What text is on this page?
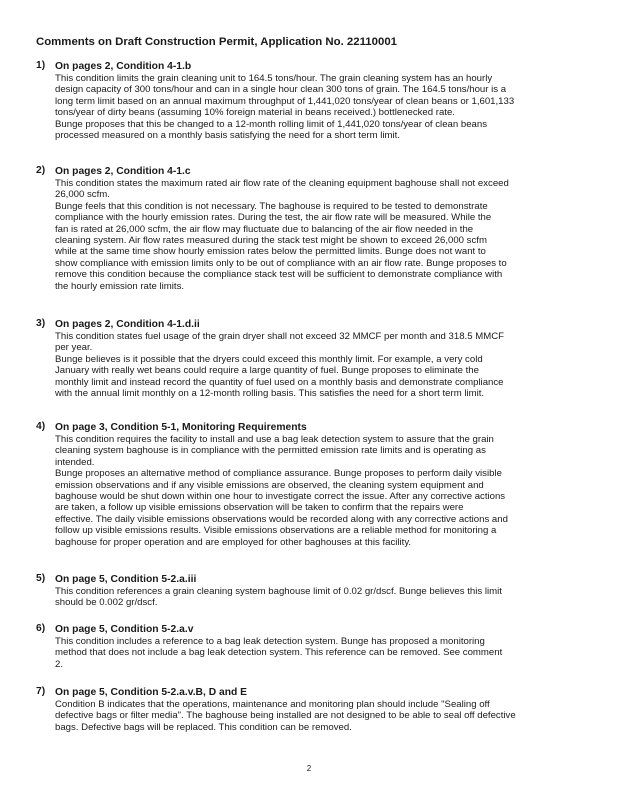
Comments on Draft Construction Permit, Application No. 22110001
1) On pages 2, Condition 4-1.b
This condition limits the grain cleaning unit to 164.5 tons/hour. The grain cleaning system has an hourly
design capacity of 300 tons/hour and can in a single hour clean 300 tons of grain. The 164.5 tons/hour is a
long term limit based on an annual maximum throughput of 1,441,020 tons/year of clean beans or 1,601,133
tons/year of dirty beans (assuming 10% foreign material in beans received.) bottlenecked rate.
Bunge proposes that this be changed to a 12-month rolling limit of 1,441,020 tons/year of clean beans
processed measured on a monthly basis satisfying the need for a short term limit.
2) On pages 2, Condition 4-1.c
This condition states the maximum rated air flow rate of the cleaning equipment baghouse shall not exceed
26,000 scfm.
Bunge feels that this condition is not necessary. The baghouse is required to be tested to demonstrate
compliance with the hourly emission rates. During the test, the air flow rate will be measured. While the
fan is rated at 26,000 scfm, the air flow may fluctuate due to balancing of the air flow needed in the
cleaning system. Air flow rates measured during the stack test might be shown to exceed 26,000 scfm
while at the same time show hourly emission rates below the permitted limits. Bunge does not want to
show compliance with emission limits only to be out of compliance with an air flow rate. Bunge proposes to
remove this condition because the compliance stack test will be sufficient to demonstrate compliance with
the hourly emission rate limits.
3) On pages 2, Condition 4-1.d.ii
This condition states fuel usage of the grain dryer shall not exceed 32 MMCF per month and 318.5 MMCF
per year.
Bunge believes is it possible that the dryers could exceed this monthly limit. For example, a very cold
January with really wet beans could require a large quantity of fuel. Bunge proposes to eliminate the
monthly limit and instead record the quantity of fuel used on a monthly basis and demonstrate compliance
with the annual limit monthly on a 12-month rolling basis. This satisfies the need for a short term limit.
4) On page 3, Condition 5-1, Monitoring Requirements
This condition requires the facility to install and use a bag leak detection system to assure that the grain
cleaning system baghouse is in compliance with the permitted emission rate limits and is operating as
intended.
Bunge proposes an alternative method of compliance assurance. Bunge proposes to perform daily visible
emission observations and if any visible emissions are observed, the cleaning system equipment and
baghouse would be shut down within one hour to investigate correct the issue. After any corrective actions
are taken, a follow up visible emissions observation will be taken to confirm that the repairs were
effective. The daily visible emissions observations would be recorded along with any corrective actions and
follow up visible emissions results. Visible emissions observations are a reliable method for monitoring a
baghouse for proper operation and are employed for other baghouses at this facility.
5) On page 5, Condition 5-2.a.iii
This condition references a grain cleaning system baghouse limit of 0.02 gr/dscf. Bunge believes this limit
should be 0.002 gr/dscf.
6) On page 5, Condition 5-2.a.v
This condition includes a reference to a bag leak detection system. Bunge has proposed a monitoring
method that does not include a bag leak detection system. This reference can be removed. See comment
2.
7) On page 5, Condition 5-2.a.v.B, D and E
Condition B indicates that the operations, maintenance and monitoring plan should include "Sealing off
defective bags or filter media". The baghouse being installed are not designed to be able to seal off defective
bags. Defective bags will be replaced. This condition can be removed.
2
